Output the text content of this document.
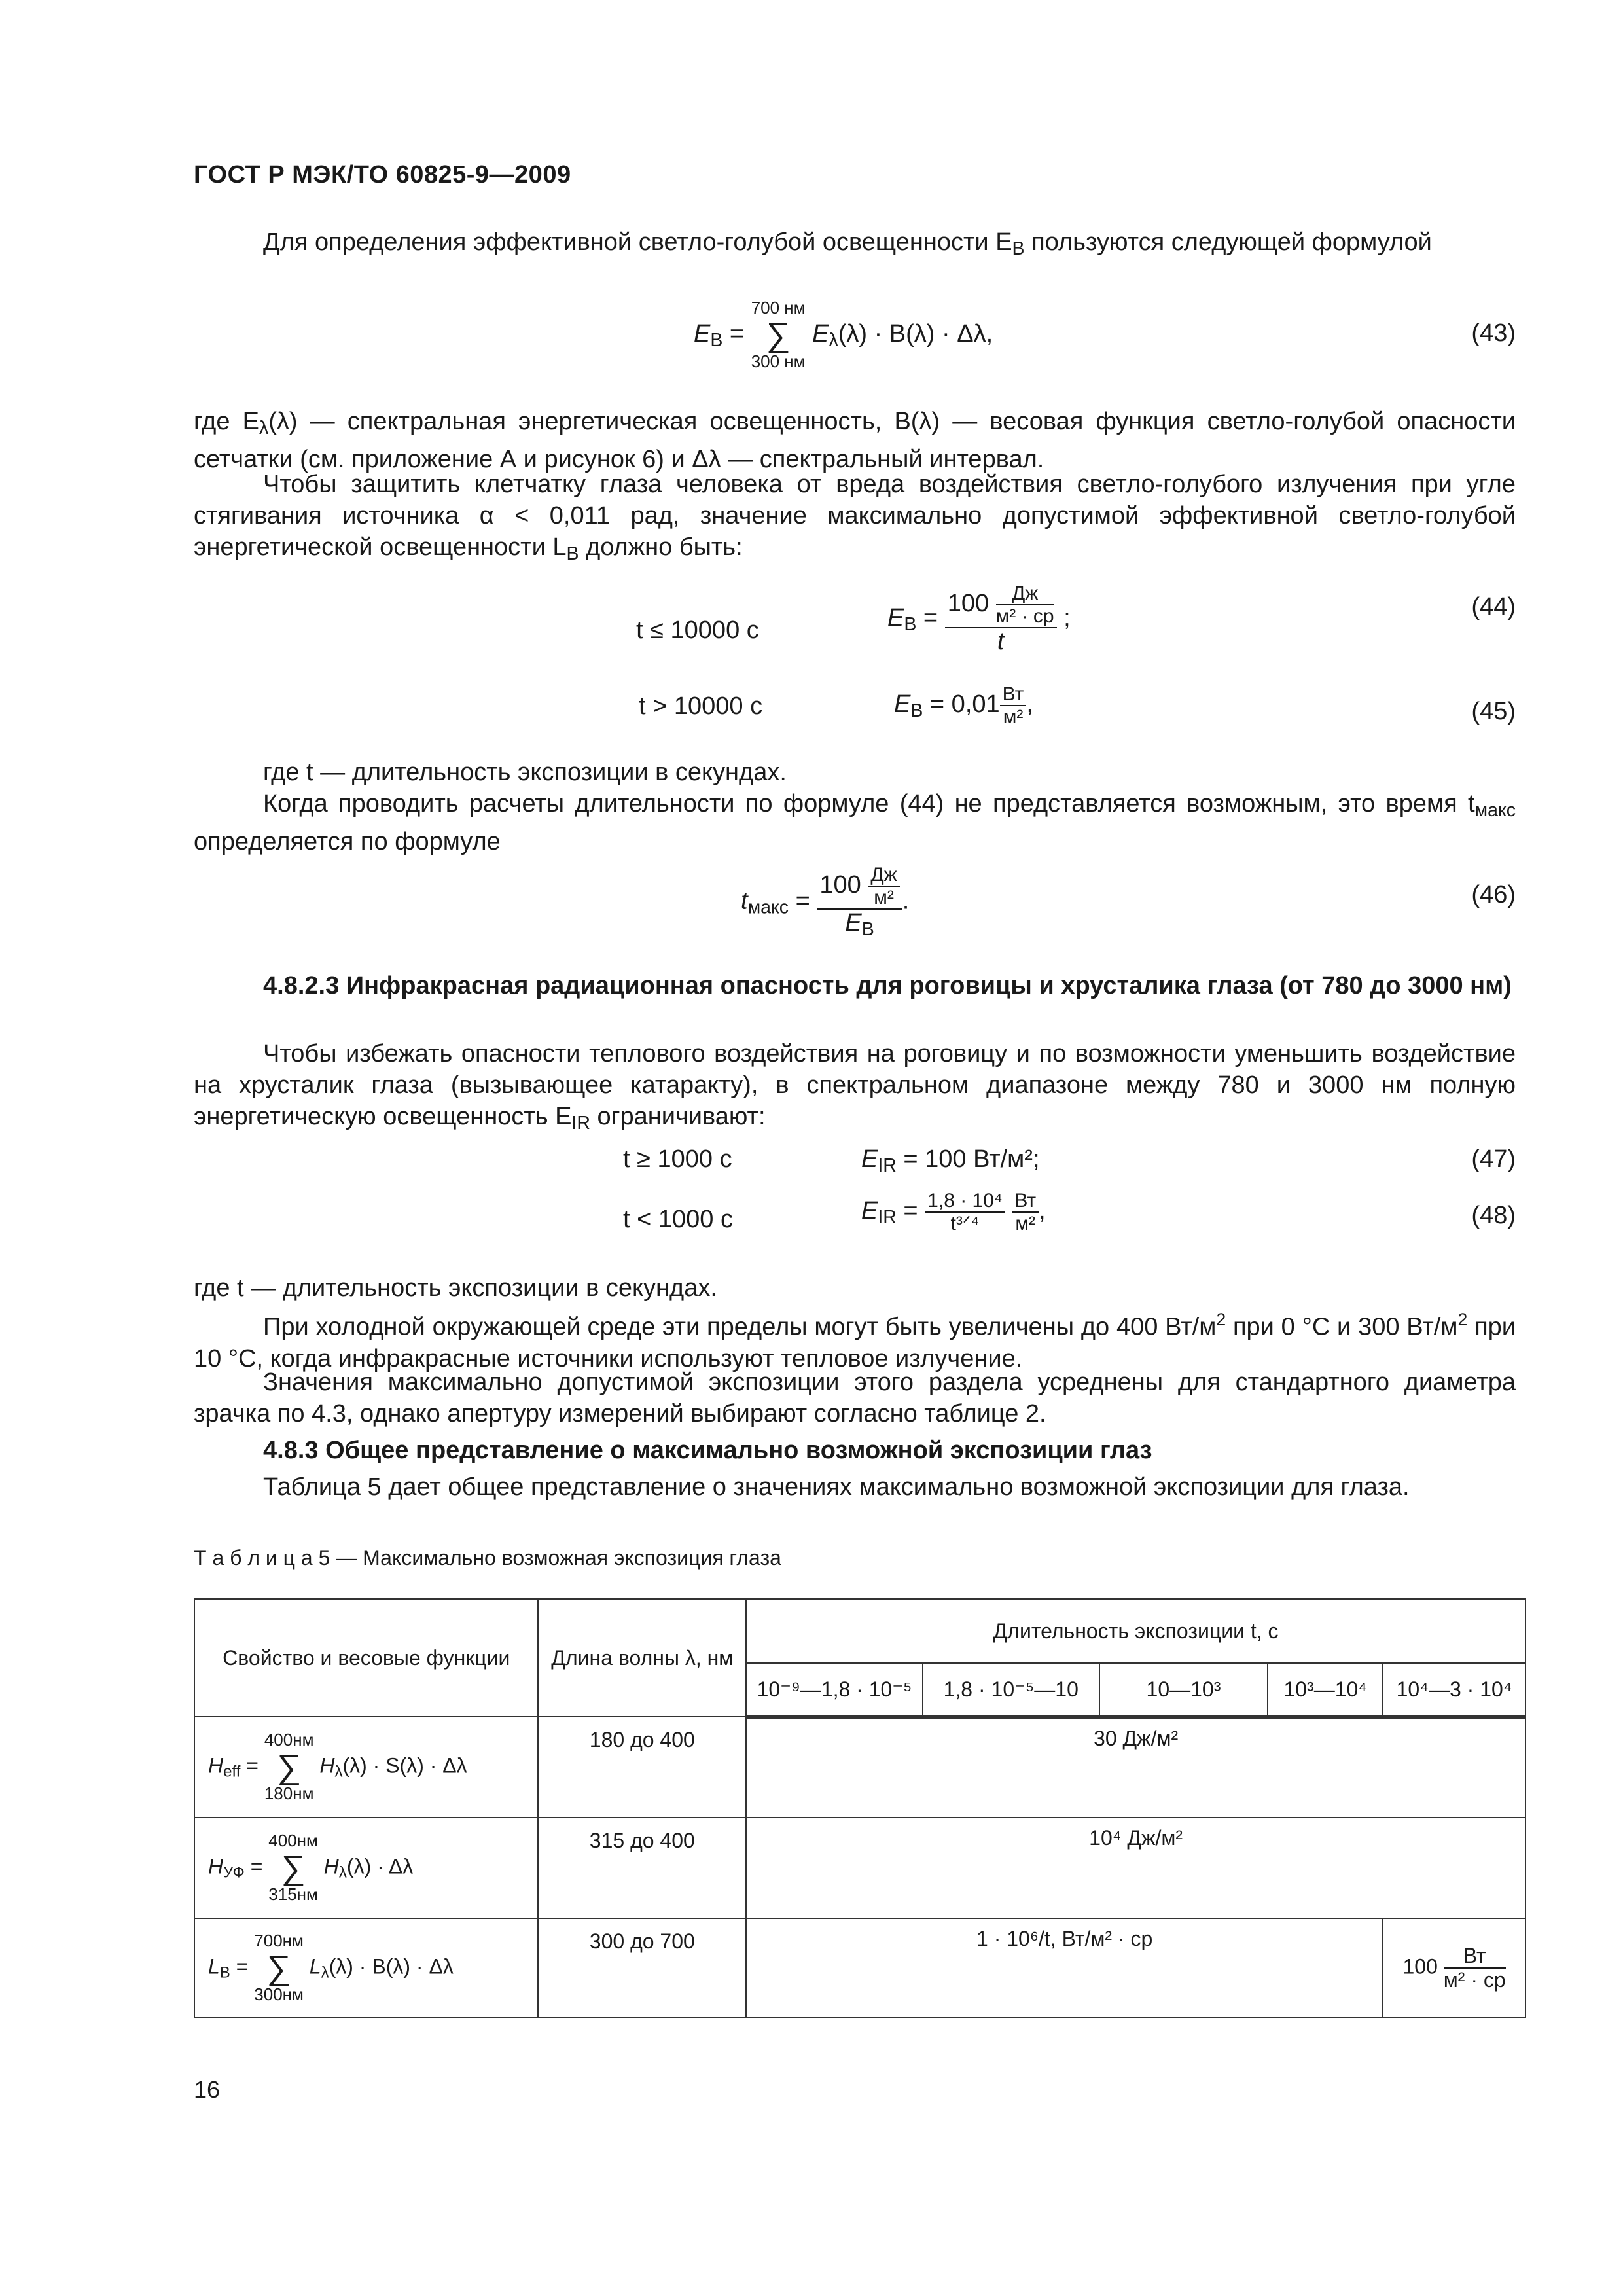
ГОСТ Р МЭК/ТО 60825-9—2009
Для определения эффективной светло-голубой освещенности $E_B$ пользуются следующей формулой
$E_B = 700$ нм
∑
300 нм $E_\lambda(\lambda) \cdot B(\lambda) \cdot \Delta\lambda$,	(43)
где $E_\lambda(\lambda)$ — спектральная энергетическая освещенность, B(λ) — весовая функция светло-голубой опасности сетчатки (см. приложение А и рисунок 6) и Δλ — спектральный интервал.
Чтобы защитить клетчатку глаза человека от вреда воздействия светло-голубого излучения при угле стягивания источника α < 0,011 рад, значение максимально допустимой эффективной светло-голубой энергетической освещенности $L_B$ должно быть:
t ≤ 10000 с	$E_B = \frac{100 \frac{Дж}{\text{м² · ср}}}{t}$ ;	(44)
t > 10000 с	$E_B = 0,01 \frac{Вт}{\text{м²}}$ ,	(45)
где t — длительность экспозиции в секундах.
Когда проводить расчеты длительности по формуле (44) не представляется возможным, это время $t_{макс}$ определяется по формуле
$t_{макс} = \frac{100 \frac{Дж}{\text{м²}}}{E_B}$ .	(46)
4.8.2.3 Инфракрасная радиационная опасность для роговицы и хрусталика глаза (от 780 до 3000 нм)
Чтобы избежать опасности теплового воздействия на роговицу и по возможности уменьшить воздействие на хрусталик глаза (вызывающее катаракту), в спектральном диапазоне между 780 и 3000 нм полную энергетическую освещенность $E_{IR}$ ограничивают:
t ≥ 1000 с	$E_{IR} = 100$ Вт/м²;	(47)
t < 1000 с	$E_{IR} = \frac{\text{1,8 · 10⁴}}{\text{t³ᐟ⁴}}$
$\frac{Вт}{\text{м²}}$ ,	(48)
где t — длительность экспозиции в секундах.
При холодной окружающей среде эти пределы могут быть увеличены до 400 $Вт/м^2$ при 0 °С и 300 $Вт/м^2$ при 10 °С, когда инфракрасные источники используют тепловое излучение.
Значения максимально допустимой экспозиции этого раздела усреднены для стандартного диаметра зрачка по 4.3, однако апертуру измерений выбирают согласно таблице 2.
4.8.3 Общее представление о максимально возможной экспозиции глаз
Таблица 5 дает общее представление о значениях максимально возможной экспозиции для глаза.
Т а б л и ц а 5 — Максимально возможная экспозиция глаза
Свойство и весовые функции	Длина волны λ, нм	Длительность экспозиции t, с				
		10⁻⁹—1,8 · 10⁻⁵	1,8 · 10⁻⁵—10	10—10³	10³—10⁴	10⁴—3 · 10⁴
$H_{eff} = 400нм$
∑
180нм $H_\lambda(\lambda) \cdot S(\lambda) \cdot \Delta\lambda$	180 до 400	30 Дж/м²				
$H_{УФ} = 400нм$
∑
315нм $H_\lambda(\lambda) \cdot \Delta\lambda$	315 до 400	10⁴ Дж/м²				
$L_B = 700нм$
∑
300нм $L_\lambda(\lambda) \cdot B(\lambda) \cdot \Delta\lambda$	300 до 700	1 · 10⁶/t, Вт/м² · ср				$100 \frac{Вт}{\text{м² · ср}}$
16
